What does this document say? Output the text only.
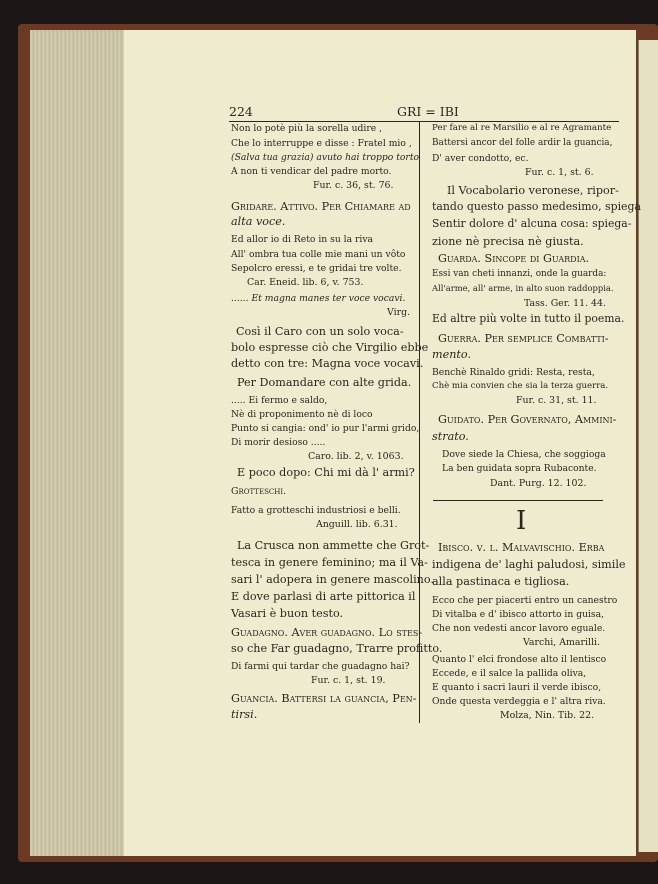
224	GRI = IBI
Non lo potè più la sorella udire ,
Che lo interruppe e disse : Fratel mio ,
(Salva tua grazia) avuto hai troppo torto
A non ti vendicar del padre morto.
Fur. c. 36, st. 76.
Gridare. Attivo. Per Chiamare ad
alta voce.
Ed allor io di Reto in su la riva
All' ombra tua colle mie mani un vôto
Sepolcro eressi, e te gridai tre volte.
Car. Eneid. lib. 6, v. 753.
...... Et magna manes ter voce vocavi.
Virg.
Così il Caro con un solo voca-
bolo espresse ciò che Virgilio ebbe
detto con tre: Magna voce vocavi.
Per Domandare con alte grida.
..... Ei fermo e saldo,
Nè di proponimento nè di loco
Punto si cangia: ond' io pur l'armi grido,
Di morir desioso .....
Caro. lib. 2, v. 1063.
E poco dopo: Chi mi dà l' armi?
Grotteschi.
Fatto a grotteschi industriosi e belli.
Anguill. lib. 6.31.
La Crusca non ammette che Grot-
tesca in genere feminino; ma il Va-
sari l' adopera in genere mascolino.
E dove parlasi di arte pittorica il
Vasari è buon testo.
Guadagno. Aver guadagno. Lo stes-
so che Far guadagno, Trarre profitto.
Di farmi qui tardar che guadagno hai?
Fur. c. 1, st. 19.
Guancia. Battersi la guancia, Pen-
tirsi.
Per fare al re Marsilio e al re Agramante
Battersi ancor del folle ardir la guancia,
D' aver condotto, ec.
Fur. c. 1, st. 6.
Il Vocabolario veronese, ripor-
tando questo passo medesimo, spiega
Sentir dolore d' alcuna cosa: spiega-
zione nè precisa nè giusta.
Guarda. Sincope di Guardia.
Essi van cheti innanzi, onde la guarda:
All'arme, all' arme, in alto suon raddoppia.
Tass. Ger. 11. 44.
Ed altre più volte in tutto il poema.
Guerra. Per semplice Combatti-
mento.
Benchè Rinaldo gridi: Resta, resta,
Chè mia convien che sia la terza guerra.
Fur. c. 31, st. 11.
Guidato. Per Governato, Ammini-
strato.
Dove siede la Chiesa, che soggioga
La ben guidata sopra Rubaconte.
Dant. Purg. 12. 102.
I
Ibisco. v. l. Malvavischio. Erba
indigena de' laghi paludosi, simile
alla pastinaca e tigliosa.
Ecco che per piacerti entro un canestro
Di vitalba e d' ibisco attorto in guisa,
Che non vedesti ancor lavoro eguale.
Varchi, Amarilli.
Quanto l' elci frondose alto il lentisco
Eccede, e il salce la pallida oliva,
E quanto i sacri lauri il verde ibisco,
Onde questa verdeggia e l' altra riva.
Molza, Nin. Tib. 22.
